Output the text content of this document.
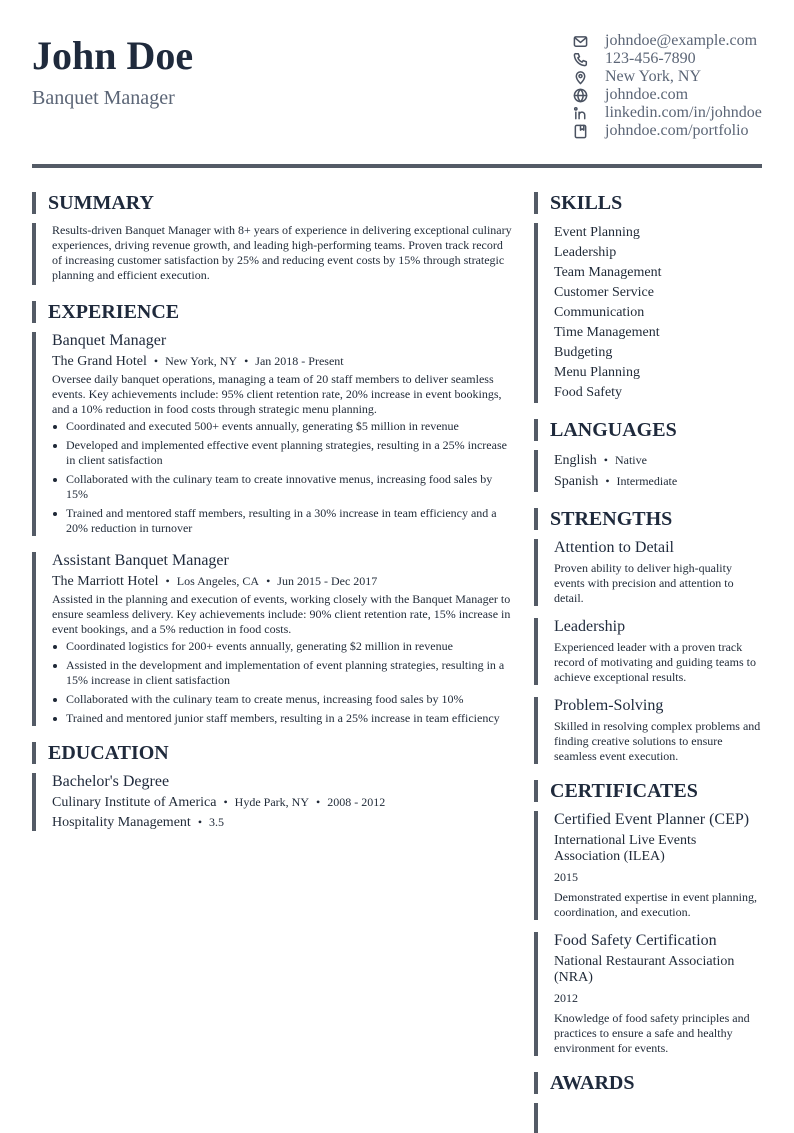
John Doe
Banquet Manager
johndoe@example.com
123-456-7890
New York, NY
johndoe.com
linkedin.com/in/johndoe
johndoe.com/portfolio
SUMMARY
Results-driven Banquet Manager with 8+ years of experience in delivering exceptional culinary experiences, driving revenue growth, and leading high-performing teams. Proven track record of increasing customer satisfaction by 25% and reducing event costs by 15% through strategic planning and efficient execution.
EXPERIENCE
Banquet Manager
The Grand Hotel • New York, NY • Jan 2018 - Present
Oversee daily banquet operations, managing a team of 20 staff members to deliver seamless events. Key achievements include: 95% client retention rate, 20% increase in event bookings, and a 10% reduction in food costs through strategic menu planning.
Coordinated and executed 500+ events annually, generating $5 million in revenue
Developed and implemented effective event planning strategies, resulting in a 25% increase in client satisfaction
Collaborated with the culinary team to create innovative menus, increasing food sales by 15%
Trained and mentored staff members, resulting in a 30% increase in team efficiency and a 20% reduction in turnover
Assistant Banquet Manager
The Marriott Hotel • Los Angeles, CA • Jun 2015 - Dec 2017
Assisted in the planning and execution of events, working closely with the Banquet Manager to ensure seamless delivery. Key achievements include: 90% client retention rate, 15% increase in event bookings, and a 5% reduction in food costs.
Coordinated logistics for 200+ events annually, generating $2 million in revenue
Assisted in the development and implementation of event planning strategies, resulting in a 15% increase in client satisfaction
Collaborated with the culinary team to create menus, increasing food sales by 10%
Trained and mentored junior staff members, resulting in a 25% increase in team efficiency
EDUCATION
Bachelor's Degree
Culinary Institute of America • Hyde Park, NY • 2008 - 2012
Hospitality Management • 3.5
SKILLS
Event Planning
Leadership
Team Management
Customer Service
Communication
Time Management
Budgeting
Menu Planning
Food Safety
LANGUAGES
English • Native
Spanish • Intermediate
STRENGTHS
Attention to Detail
Proven ability to deliver high-quality events with precision and attention to detail.
Leadership
Experienced leader with a proven track record of motivating and guiding teams to achieve exceptional results.
Problem-Solving
Skilled in resolving complex problems and finding creative solutions to ensure seamless event execution.
CERTIFICATES
Certified Event Planner (CEP)
International Live Events Association (ILEA)
2015
Demonstrated expertise in event planning, coordination, and execution.
Food Safety Certification
National Restaurant Association (NRA)
2012
Knowledge of food safety principles and practices to ensure a safe and healthy environment for events.
AWARDS
